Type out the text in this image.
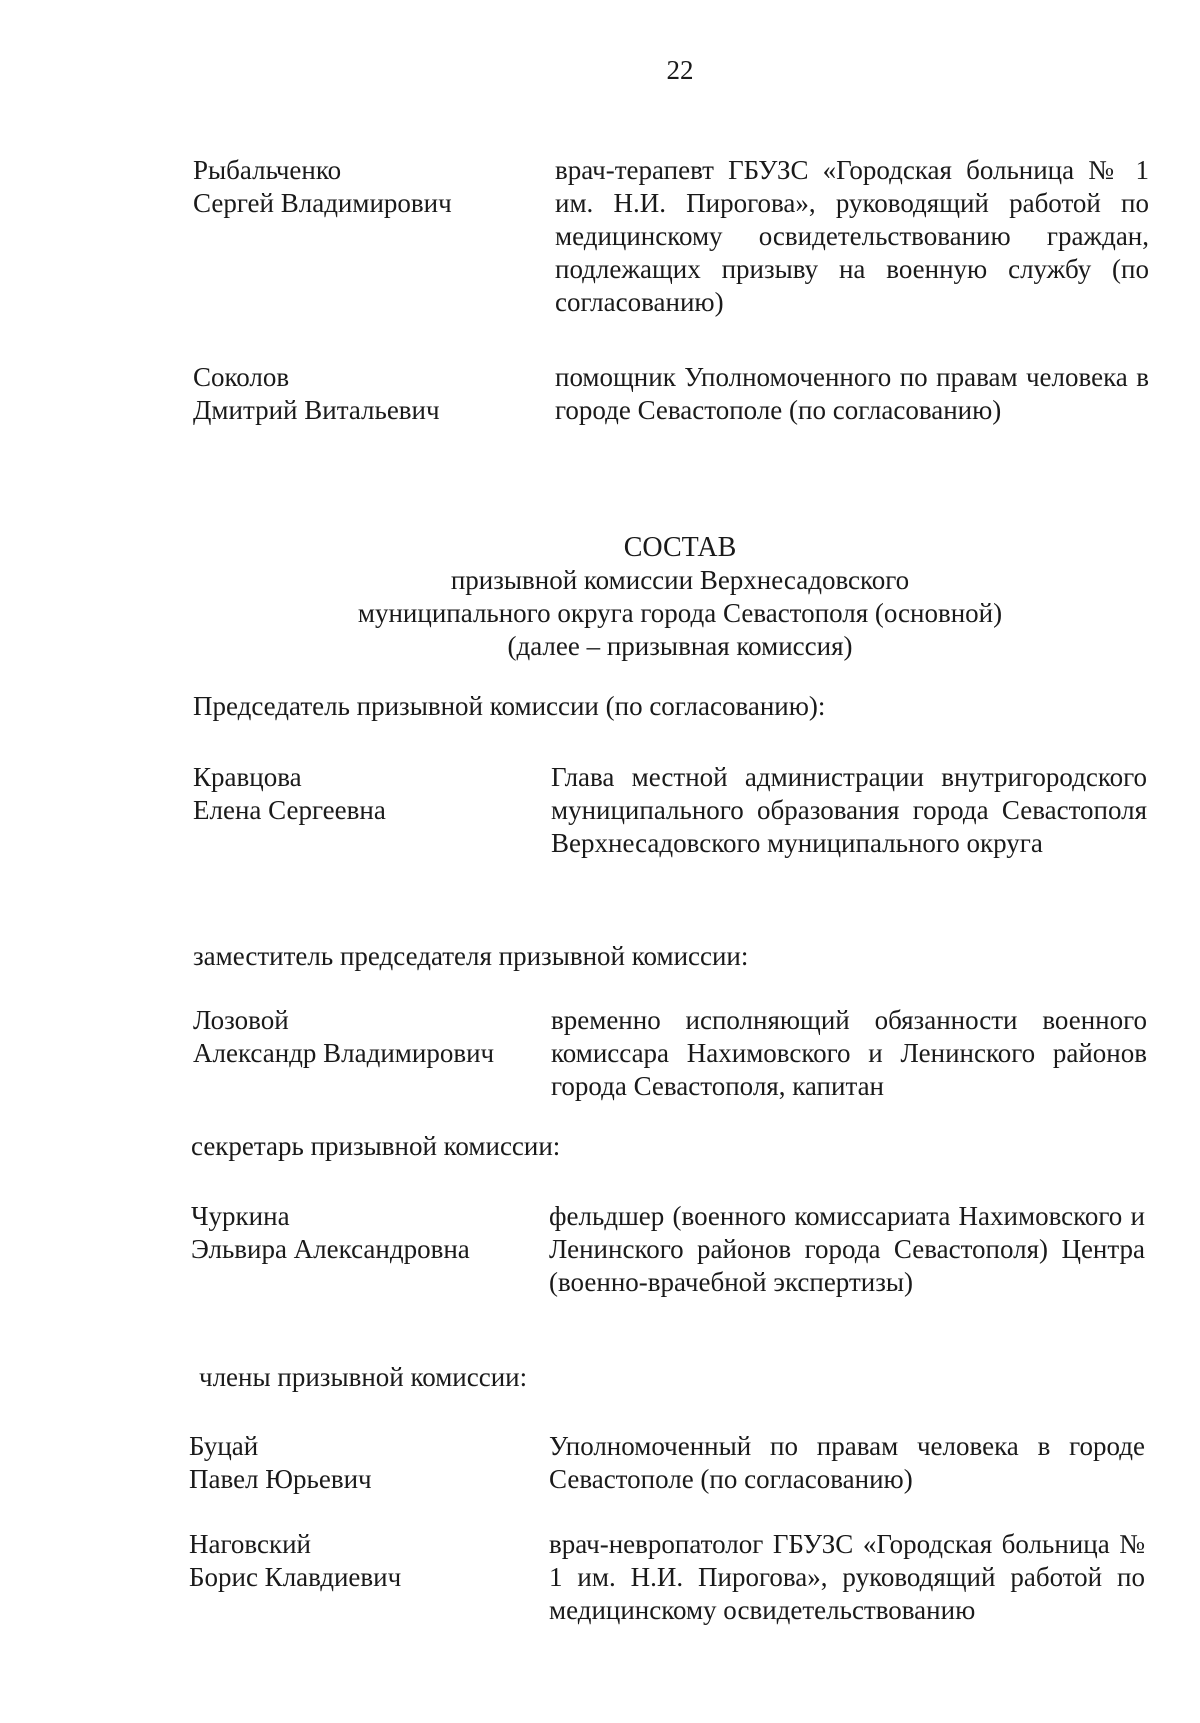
22
Рыбальченко
Сергей Владимирович
врач-терапевт ГБУЗС «Городская больница № 1 им. Н.И. Пирогова», руководящий работой по медицинскому освидетельствованию граждан, подлежащих призыву на военную службу (по согласованию)
Соколов
Дмитрий Витальевич
помощник Уполномоченного по правам человека в городе Севастополе (по согласованию)
СОСТАВ
призывной комиссии Верхнесадовского
муниципального округа города Севастополя (основной)
(далее – призывная комиссия)
Председатель призывной комиссии (по согласованию):
Кравцова
Елена Сергеевна
Глава местной администрации внутригородского муниципального образования города Севастополя Верхнесадовского муниципального округа
заместитель председателя призывной комиссии:
Лозовой
Александр Владимирович
временно исполняющий обязанности военного комиссара Нахимовского и Ленинского районов города Севастополя, капитан
секретарь призывной комиссии:
Чуркина
Эльвира Александровна
фельдшер (военного комиссариата Нахимовского и Ленинского районов города Севастополя) Центра (военно-врачебной экспертизы)
члены призывной комиссии:
Буцай
Павел Юрьевич
Уполномоченный по правам человека в городе Севастополе (по согласованию)
Наговский
Борис Клавдиевич
врач-невропатолог ГБУЗС «Городская больница № 1 им. Н.И. Пирогова», руководящий работой по медицинскому освидетельствованию
